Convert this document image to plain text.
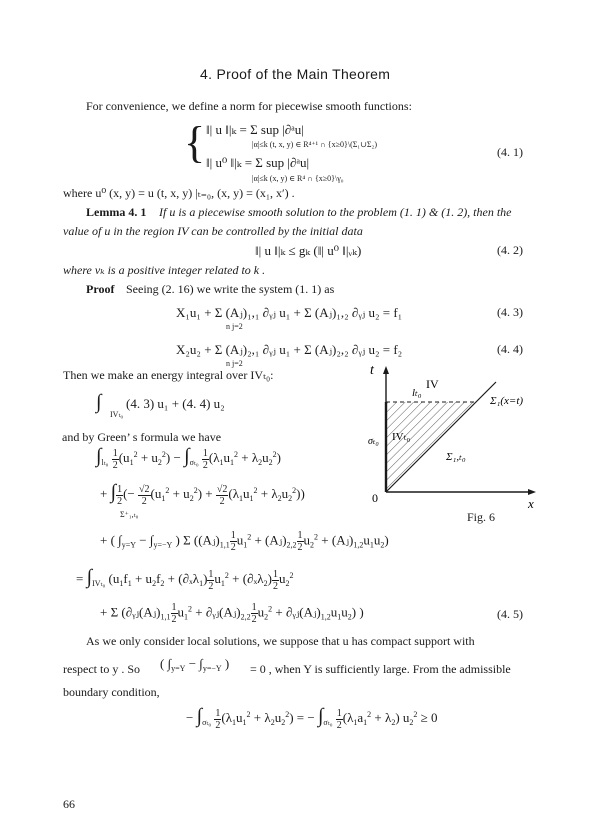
4. Proof of the Main Theorem
For convenience, we define a norm for piecewise smooth functions:
{ ‖| u ‖|ₖ = Σ sup |∂ᵃu|
|α|≤k (t, x, y) ∈ R⁴⁺¹ ∩ {x≥0}\(Σ₁∪Σ₂)
‖| u⁰ ‖|ₖ = Σ sup |∂ᵃu|
|α|≤k (x, y) ∈ R⁴ ∩ {x≥0}\γ₀
(4. 1)
where u⁰ (x, y) = u (t, x, y) |ₜ₌₀, (x, y) = (x₁, x′) .
Lemma 4. 1 If u is a piecewise smooth solution to the problem (1. 1) & (1. 2), then the
value of u in the region IV can be controlled by the initial data
‖| u ‖|ₖ ≤ gₖ (‖| u⁰ ‖|ᵥₖ)	(4. 2)
where vₖ is a positive integer related to k .
Proof Seeing (2. 16) we write the system (1. 1) as
X₁u₁ + Σ (Aⱼ)₁,₁ ∂ᵧⱼ u₁ + Σ (Aⱼ)₁,₂ ∂ᵧⱼ u₂ = f₁
n j=2
(4. 3)
X₂u₂ + Σ (Aⱼ)₂,₁ ∂ᵧⱼ u₁ + Σ (Aⱼ)₂,₂ ∂ᵧⱼ u₂ = f₂
n j=2
(4. 4)
Then we make an energy integral over IVₜ₀:
∫
IVₜ₀
(4. 3) u₁ + (4. 4) u₂
and by Green’ s formula we have
$\int_{l_{t0}} \frac{1}{2} (u_1^2 + u_2^2) - \int_{\sigma_{t0}} \frac{1}{2} (\lambda_1u_1^2 + \lambda_2u_2^2)$
+ ∫ $\frac{1}{2}$ (− $\frac{√2}{2} (u_1^2 + u_2^2) + \frac{√2}{2} (\lambda_1u_1^2 + \lambda_2u_2^2)$)
Σ⁺₁,ₜ₀
+ ( $\int_{y=Y} - \int_{y=-Y}$ ) Σ ($(Aⱼ)_{1,1} \frac{1}{2} u_1^2$ + $(Aⱼ)_{2,2} \frac{1}{2} u_2^2$ + $(Aⱼ)_{1,2}u_1u_2$)
= $\int_{IV_{t0}}$ ($u_1f_1 + u_2f_2 + (\partial_x\lambda_1) \frac{1}{2} u_1^2 + (\partial_x\lambda_2) \frac{1}{2} u_2^2$
+ Σ ($\partial ᵧⱼ(Aⱼ)_{1,1} \frac{1}{2} u_1^2$ + $\partial ᵧⱼ(Aⱼ)_{2,2} \frac{1}{2} u_2^2$ + $\partial ᵧⱼ(Aⱼ)_{1,2}u_1u_2$) )	(4. 5)
As we only consider local solutions, we suppose that u has compact support with
respect to y . So ( $\int_{y=Y} - \int_{y=-Y}$ ) = 0 , when Y is sufficiently large. From the admissible
boundary condition,
− $\int_{\sigma_{t0}} \frac{1}{2} (\lambda_1u_1^2 + \lambda_2u_2^2)$ = − $\int_{\sigma_{t0}} \frac{1}{2} (\lambda_1a_1^2 + \lambda_2) u_2^2 \ge 0$
66
t
IV
Σ₁(x=t)
lₜ₀
σₜ₀ IVₜ₀
Σ₁,ₜ₀
0	x
Fig. 6
